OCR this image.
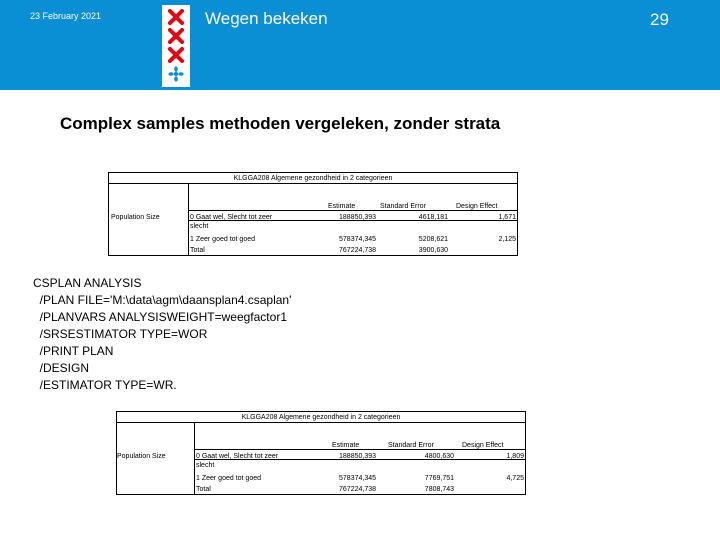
23 February 2021	Wegen bekeken	29
Complex samples methoden vergeleken, zonder strata
KLGGA208 Algemene gezondheid in 2 categorieen
Estimate	Standard Error	Design Effect
Population Size	0 Gaat wel, Slecht tot zeer
slecht
188850,393	4618,181	1,671
1 Zeer goed tot goed	578374,345	5208,621	2,125
Total	767224,738	3900,630
CSPLAN ANALYSIS
/PLAN FILE='M:\data\agm\daansplan4.csaplan'
/PLANVARS ANALYSISWEIGHT=weegfactor1
/SRSESTIMATOR TYPE=WOR
/PRINT PLAN
/DESIGN
/ESTIMATOR TYPE=WR.
KLGGA208 Algemene gezondheid in 2 categorieen
Estimate	Standard Error	Design Effect
Population Size	0 Gaat wel, Slecht tot zeer
slecht
188850,393	4800,630	1,809
1 Zeer goed tot goed	578374,345	7769,751	4,725
Total	767224,738	7808,743
